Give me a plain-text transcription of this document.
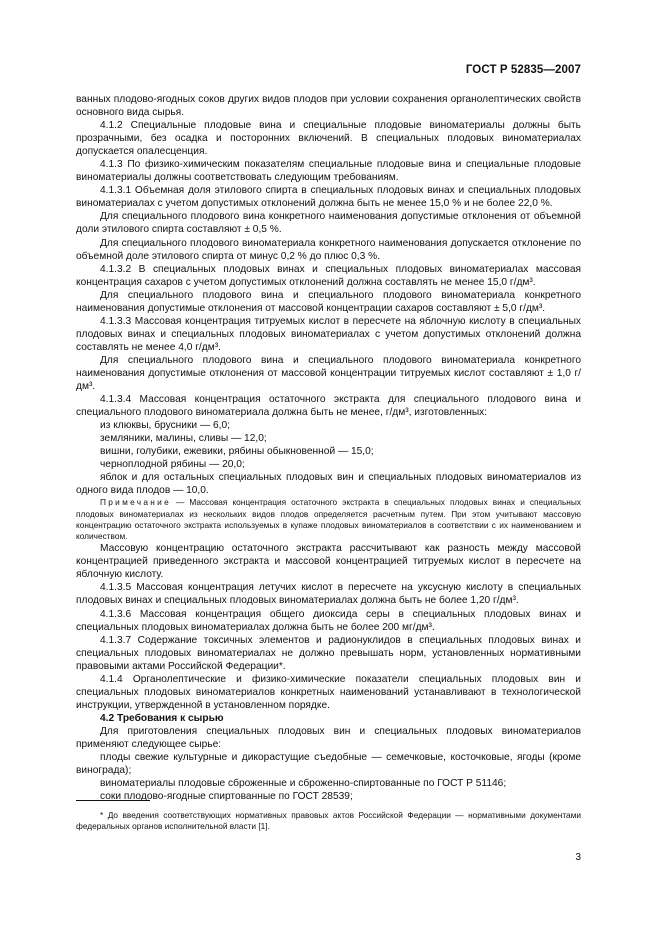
ГОСТ Р 52835—2007

ванных плодово-ягодных соков других видов плодов при условии сохранения органолептических свойств основного вида сырья.

4.1.2 Специальные плодовые вина и специальные плодовые виноматериалы должны быть прозрачными, без осадка и посторонних включений. В специальных плодовых виноматериалах допускается опалесценция.

4.1.3 По физико-химическим показателям специальные плодовые вина и специальные плодовые виноматериалы должны соответствовать следующим требованиям.

4.1.3.1 Объемная доля этилового спирта в специальных плодовых винах и специальных плодовых виноматериалах с учетом допустимых отклонений должна быть не менее 15,0 % и не более 22,0 %.

Для специального плодового вина конкретного наименования допустимые отклонения от объемной доли этилового спирта составляют ± 0,5 %.

Для специального плодового виноматериала конкретного наименования допускается отклонение по объемной доле этилового спирта от минус 0,2 % до плюс 0,3 %.

4.1.3.2 В специальных плодовых винах и специальных плодовых виноматериалах массовая концентрация сахаров с учетом допустимых отклонений должна составлять не менее 15,0 г/дм³.

Для специального плодового вина и специального плодового виноматериала конкретного наименования допустимые отклонения от массовой концентрации сахаров составляют ± 5,0 г/дм³.

4.1.3.3 Массовая концентрация титруемых кислот в пересчете на яблочную кислоту в специальных плодовых винах и специальных плодовых виноматериалах с учетом допустимых отклонений должна составлять не менее 4,0 г/дм³.

Для специального плодового вина и специального плодового виноматериала конкретного наименования допустимые отклонения от массовой концентрации титруемых кислот составляют ± 1,0 г/дм³.

4.1.3.4 Массовая концентрация остаточного экстракта для специального плодового вина и специального плодового виноматериала должна быть не менее, г/дм³, изготовленных:

из клюквы, брусники — 6,0;
земляники, малины, сливы — 12,0;
вишни, голубики, ежевики, рябины обыкновенной — 15,0;
черноплодной рябины — 20,0;
яблок и для остальных специальных плодовых вин и специальных плодовых виноматериалов из одного вида плодов — 10,0.

Примечание — Массовая концентрация остаточного экстракта в специальных плодовых винах и специальных плодовых виноматериалах из нескольких видов плодов определяется расчетным путем. При этом учитывают массовую концентрацию остаточного экстракта используемых в купаже плодовых виноматериалов в соответствии с их наименованием и количеством.

Массовую концентрацию остаточного экстракта рассчитывают как разность между массовой концентрацией приведенного экстракта и массовой концентрацией титруемых кислот в пересчете на яблочную кислоту.

4.1.3.5 Массовая концентрация летучих кислот в пересчете на уксусную кислоту в специальных плодовых винах и специальных плодовых виноматериалах должна быть не более 1,20 г/дм³.

4.1.3.6 Массовая концентрация общего диоксида серы в специальных плодовых винах и специальных плодовых виноматериалах должна быть не более 200 мг/дм³.

4.1.3.7 Содержание токсичных элементов и радионуклидов в специальных плодовых винах и специальных плодовых виноматериалах не должно превышать норм, установленных нормативными правовыми актами Российской Федерации*.

4.1.4 Органолептические и физико-химические показатели специальных плодовых вин и специальных плодовых виноматериалов конкретных наименований устанавливают в технологической инструкции, утвержденной в установленном порядке.

4.2 Требования к сырью

Для приготовления специальных плодовых вин и специальных плодовых виноматериалов применяют следующее сырье:

плоды свежие культурные и дикорастущие съедобные — семечковые, косточковые, ягоды (кроме винограда);

виноматериалы плодовые сброженные и сброженно-спиртованные по ГОСТ Р 51146;

соки плодово-ягодные спиртованные по ГОСТ 28539;

* До введения соответствующих нормативных правовых актов Российской Федерации — нормативными документами федеральных органов исполнительной власти [1].
3
